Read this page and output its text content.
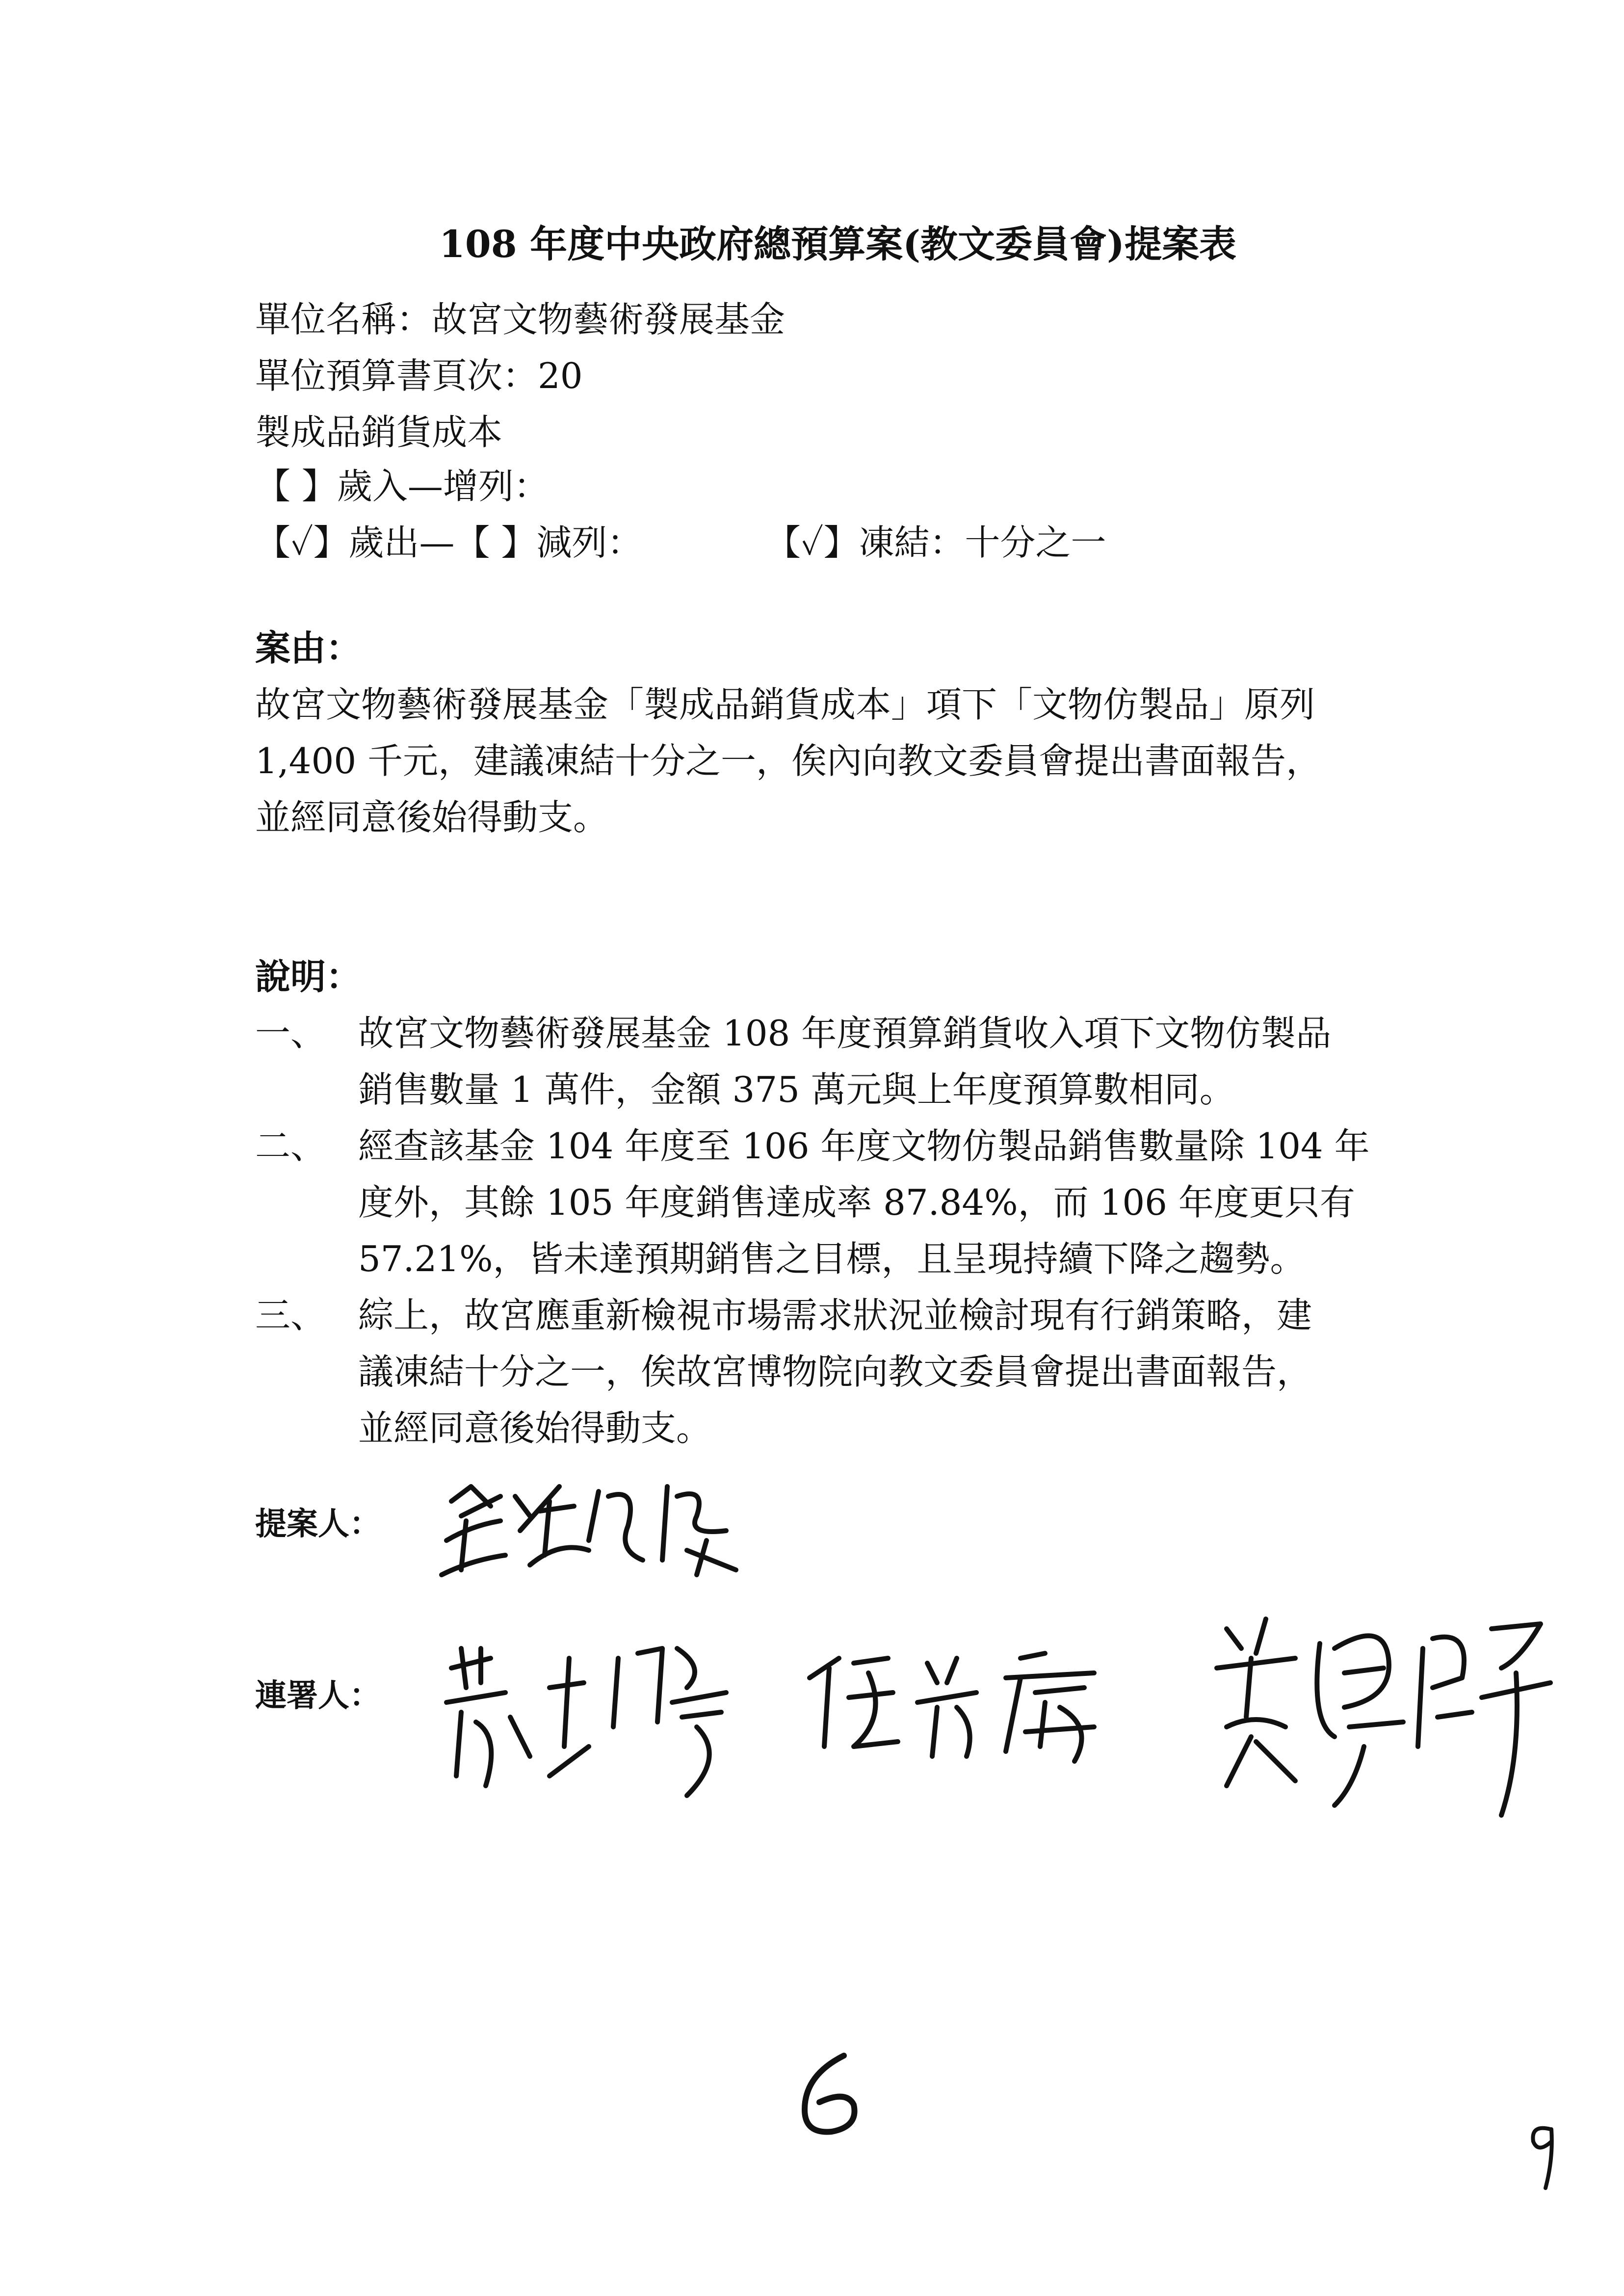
108 年度中央政府總預算案(教文委員會)提案表
單位名稱：故宮文物藝術發展基金
單位預算書頁次：20
製成品銷貨成本
【 】歲入—增列：
【✓】歲出—【 】減列：	【✓】凍結：十分之一
案由：
故宮文物藝術發展基金「製成品銷貨成本」項下「文物仿製品」原列
1,400 千元，建議凍結十分之一，俟內向教文委員會提出書面報告，
並經同意後始得動支。
說明：
一、 故宮文物藝術發展基金 108 年度預算銷貨收入項下文物仿製品
銷售數量 1 萬件，金額 375 萬元與上年度預算數相同。
二、 經查該基金 104 年度至 106 年度文物仿製品銷售數量除 104 年
度外，其餘 105 年度銷售達成率 87.84%，而 106 年度更只有
57.21%，皆未達預期銷售之目標，且呈現持續下降之趨勢。
三、 綜上，故宮應重新檢視市場需求狀況並檢討現有行銷策略，建
議凍結十分之一，俟故宮博物院向教文委員會提出書面報告，
並經同意後始得動支。
提案人：
連署人：
